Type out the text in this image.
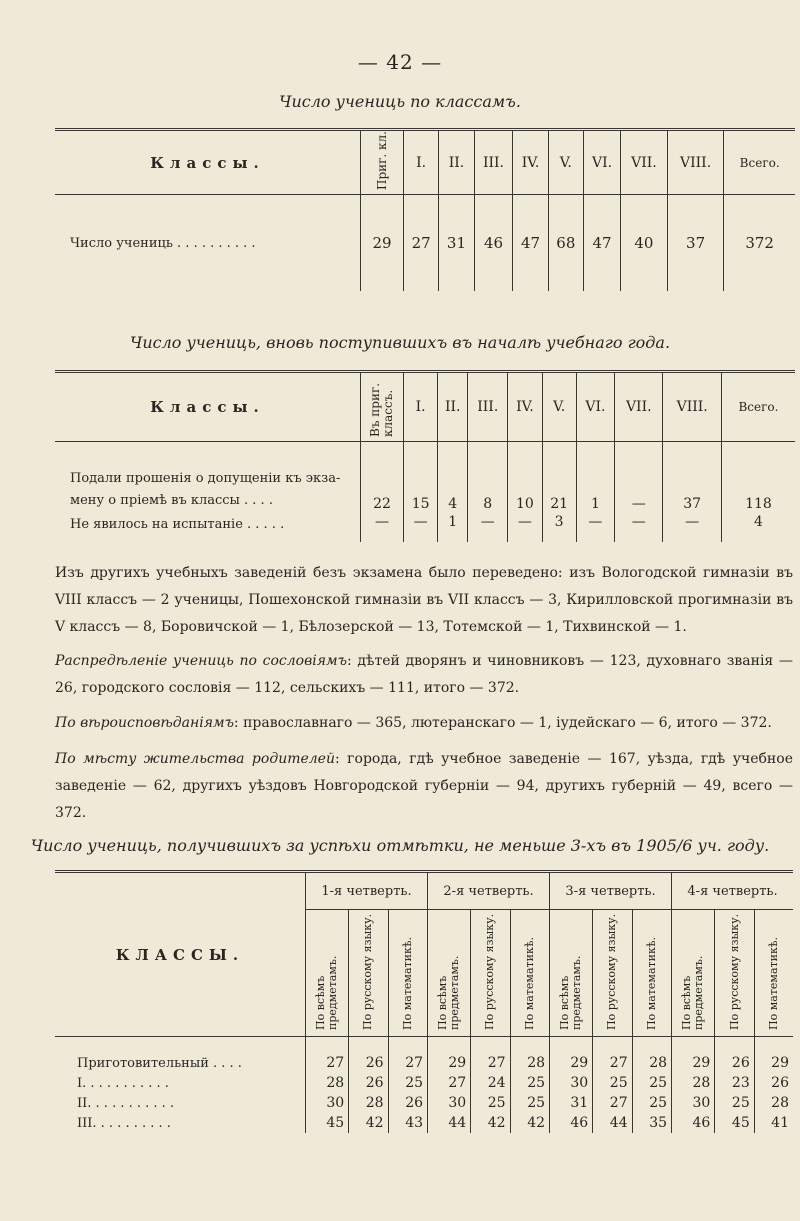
— 42 —
Число учениць по классамъ.
Классы.	Приг. кл.	I.	II.	III.	IV.	V.	VI.	VII.	VIII.	Всего.
Число учениць . . . . . . . . . .	29	27	31	46	47	68	47	40	37	372
Число учениць, вновь поступившихъ въ началѣ учебнаго года.
Классы.	Въ приг. классъ.	I.	II.	III.	IV.	V.	VI.	VII.	VIII.	Всего.
Подали прошенія о допущеніи къ экза-
мену о пріемѣ въ классы . . . .	22	15	4	8	10	21	1	—	37	118
Не явилось на испытаніе . . . . .	—	—	1	—	—	3	—	—	—	4
Изъ другихъ учебныхъ заведеній безъ экзамена было переведено: изъ Вологодской гимназіи въ VIII классъ — 2 ученицы, Пошехонской гимназіи въ VII классъ — 3, Кирилловской прогимназіи въ V классъ — 8, Боровичской — 1, Бѣлозерской — 13, Тотемской — 1, Тихвинской — 1.
Распредѣленіе учениць по сословіямъ: дѣтей дворянъ и чиновниковъ — 123, духовнаго званія — 26, городского сословія — 112, сельскихъ — 111, итого — 372.
По вѣроисповѣданіямъ: православнаго — 365, лютеранскаго — 1, іудейскаго — 6, итого — 372.
По мѣсту жительства родителей: города, гдѣ учебное заведеніе — 167, уѣзда, гдѣ учебное заведеніе — 62, другихъ уѣздовъ Новгородской губерніи — 94, другихъ губерній — 49, всего — 372.
Число учениць, получившихъ за успѣхи отмѣтки, не меньше 3-хъ въ 1905/6 уч. году.
КЛАССЫ.	1-я четверть.			2-я четверть.			3-я четверть.			4-я четверть.		
	По всѣмъ предметамъ.	По русскому языку.	По математикѣ.	По всѣмъ предметамъ.	По русскому языку.	По математикѣ.	По всѣмъ предметамъ.	По русскому языку.	По математикѣ.	По всѣмъ предметамъ.	По русскому языку.	По математикѣ.

Приготовительный . . . .	27	26	27	29	27	28	29	27	28	29	26	29
I. . . . . . . . . . .	28	26	25	27	24	25	30	25	25	28	23	26
II. . . . . . . . . . .	30	28	26	30	25	25	31	27	25	30	25	28
III. . . . . . . . . .	45	42	43	44	42	42	46	44	35	46	45	41
